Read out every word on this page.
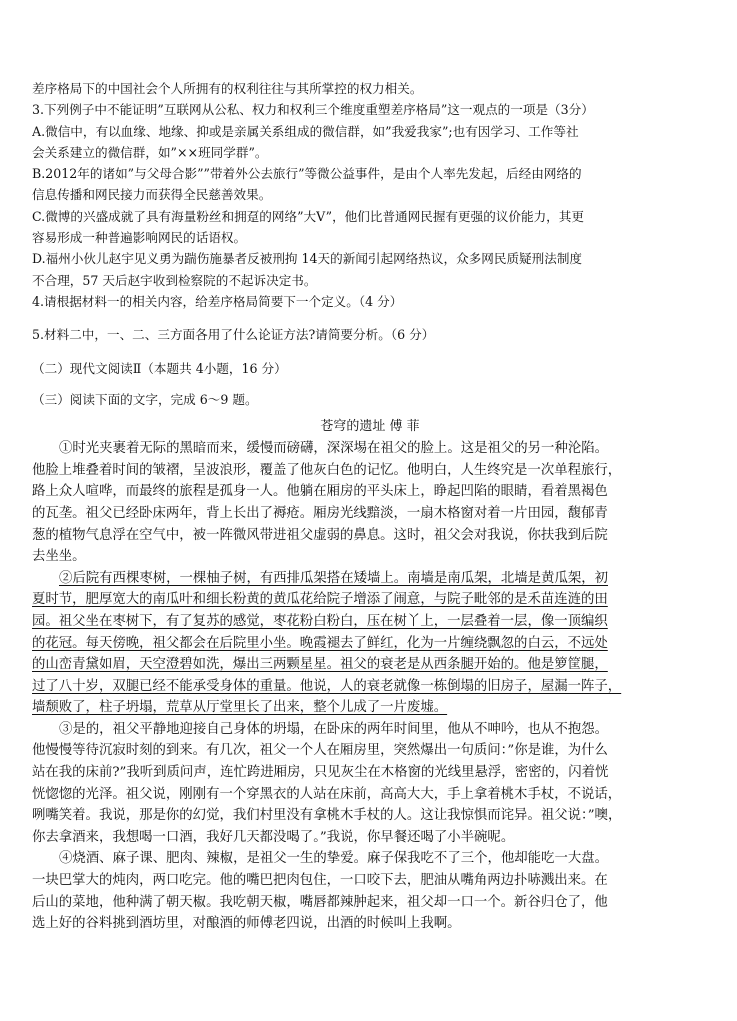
差序格局下的中国社会个人所拥有的权利往往与其所掌控的权力相关。
3.下列例子中不能证明”互联网从公私、权力和权利三个维度重塑差序格局”这一观点的一项是（3分）
A.微信中，有以血缘、地缘、抑或是亲属关系组成的微信群，如”我爱我家”;也有因学习、工作等社
会关系建立的微信群，如”××班同学群”。
B.2012年的诸如”与父母合影””带着外公去旅行”等微公益事件，是由个人率先发起，后经由网络的
信息传播和网民接力而获得全民慈善效果。
C.微博的兴盛成就了具有海量粉丝和拥趸的网络”大V”，他们比普通网民握有更强的议价能力，其更
容易形成一种普遍影响网民的话语权。
D.福州小伙儿赵宇见义勇为踹伤施暴者反被刑拘 14天的新闻引起网络热议，众多网民质疑刑法制度
不合理，57 天后赵宇收到检察院的不起诉决定书。
4.请根据材料一的相关内容，给差序格局简要下一个定义。（4 分）
5.材料二中，一、二、三方面各用了什么论证方法?请简要分析。（6 分）
（二）现代文阅读Ⅱ（本题共 4小题，16 分）
（三）阅读下面的文字，完成 6～9 题。
苍穹的遗址 傅 菲
①时光夹裹着无际的黑暗而来，缓慢而磅礴，深深埸在祖父的脸上。这是祖父的另一种沦陷。
他脸上堆叠着时间的皱褶，呈波浪形，覆盖了他灰白色的记忆。他明白，人生终究是一次单程旅行，
路上众人喧哗，而最终的旅程是孤身一人。他躺在厢房的平头床上，睁起凹陷的眼睛，看着黑褐色
的瓦垄。祖父已经卧床两年，背上长出了褥疮。厢房光线黯淡，一扇木格窗对着一片田园，馥郁青
葱的植物气息浮在空气中，被一阵微风带进祖父虚弱的鼻息。这时，祖父会对我说，你扶我到后院
去坐坐。
②后院有西棵枣树，一棵柚子树，有西排瓜架搭在矮墙上。南墙是南瓜架，北墙是黄瓜架，初
夏时节，肥厚宽大的南瓜叶和细长粉黄的黄瓜花给院子增添了闹意，与院子毗邻的是禾苗连涟的田
园。祖父坐在枣树下，有了复苏的感觉，枣花粉白粉白，压在树丫上，一层叠着一层，像一顶编织
的花冠。每天傍晚，祖父都会在后院里小坐。晚霞褪去了鲜红，化为一片缠绕飘忽的白云，不远处
的山峦青黛如眉，天空澄碧如洗，爆出三两颗星星。祖父的衰老是从西条腿开始的。他是箩筐腿，
过了八十岁，双腿已经不能承受身体的重量。他说，人的衰老就像一栋倒塌的旧房子，屋漏一阵子，
墙颓败了，柱子坍塌，荒草从厅堂里长了出来，整个儿成了一片废墟。
③是的，祖父平静地迎接自己身体的坍塌，在卧床的两年时间里，他从不呻吟，也从不抱怨。
他慢慢等待沉寂时刻的到来。有几次，祖父一个人在厢房里，突然爆出一句质问：”你是谁，为什么
站在我的床前?”我听到质问声，连忙跨进厢房，只见灰尘在木格窗的光线里悬浮，密密的，闪着恍
恍惚惚的光泽。祖父说，刚刚有一个穿黑衣的人站在床前，高高大大，手上拿着桃木手杖，不说话，
咧嘴笑着。我说，那是你的幻觉，我们村里没有拿桃木手杖的人。这让我惊惧而诧异。祖父说：”噢，
你去拿酒来，我想喝一口酒，我好几天都没喝了。”我说，你早餐还喝了小半碗呢。
④烧酒、麻子课、肥肉、辣椒，是祖父一生的挚爱。麻子保我吃不了三个，他却能吃一大盘。
一块巴掌大的炖肉，两口吃完。他的嘴巴把肉包住，一口咬下去，肥油从嘴角两边扑哧溅出来。在
后山的菜地，他种满了朝天椒。我吃朝天椒，嘴唇都辣肿起来，祖父却一口一个。新谷归仓了，他
选上好的谷料挑到酒坊里，对酿酒的师傅老四说，出酒的时候叫上我啊。
